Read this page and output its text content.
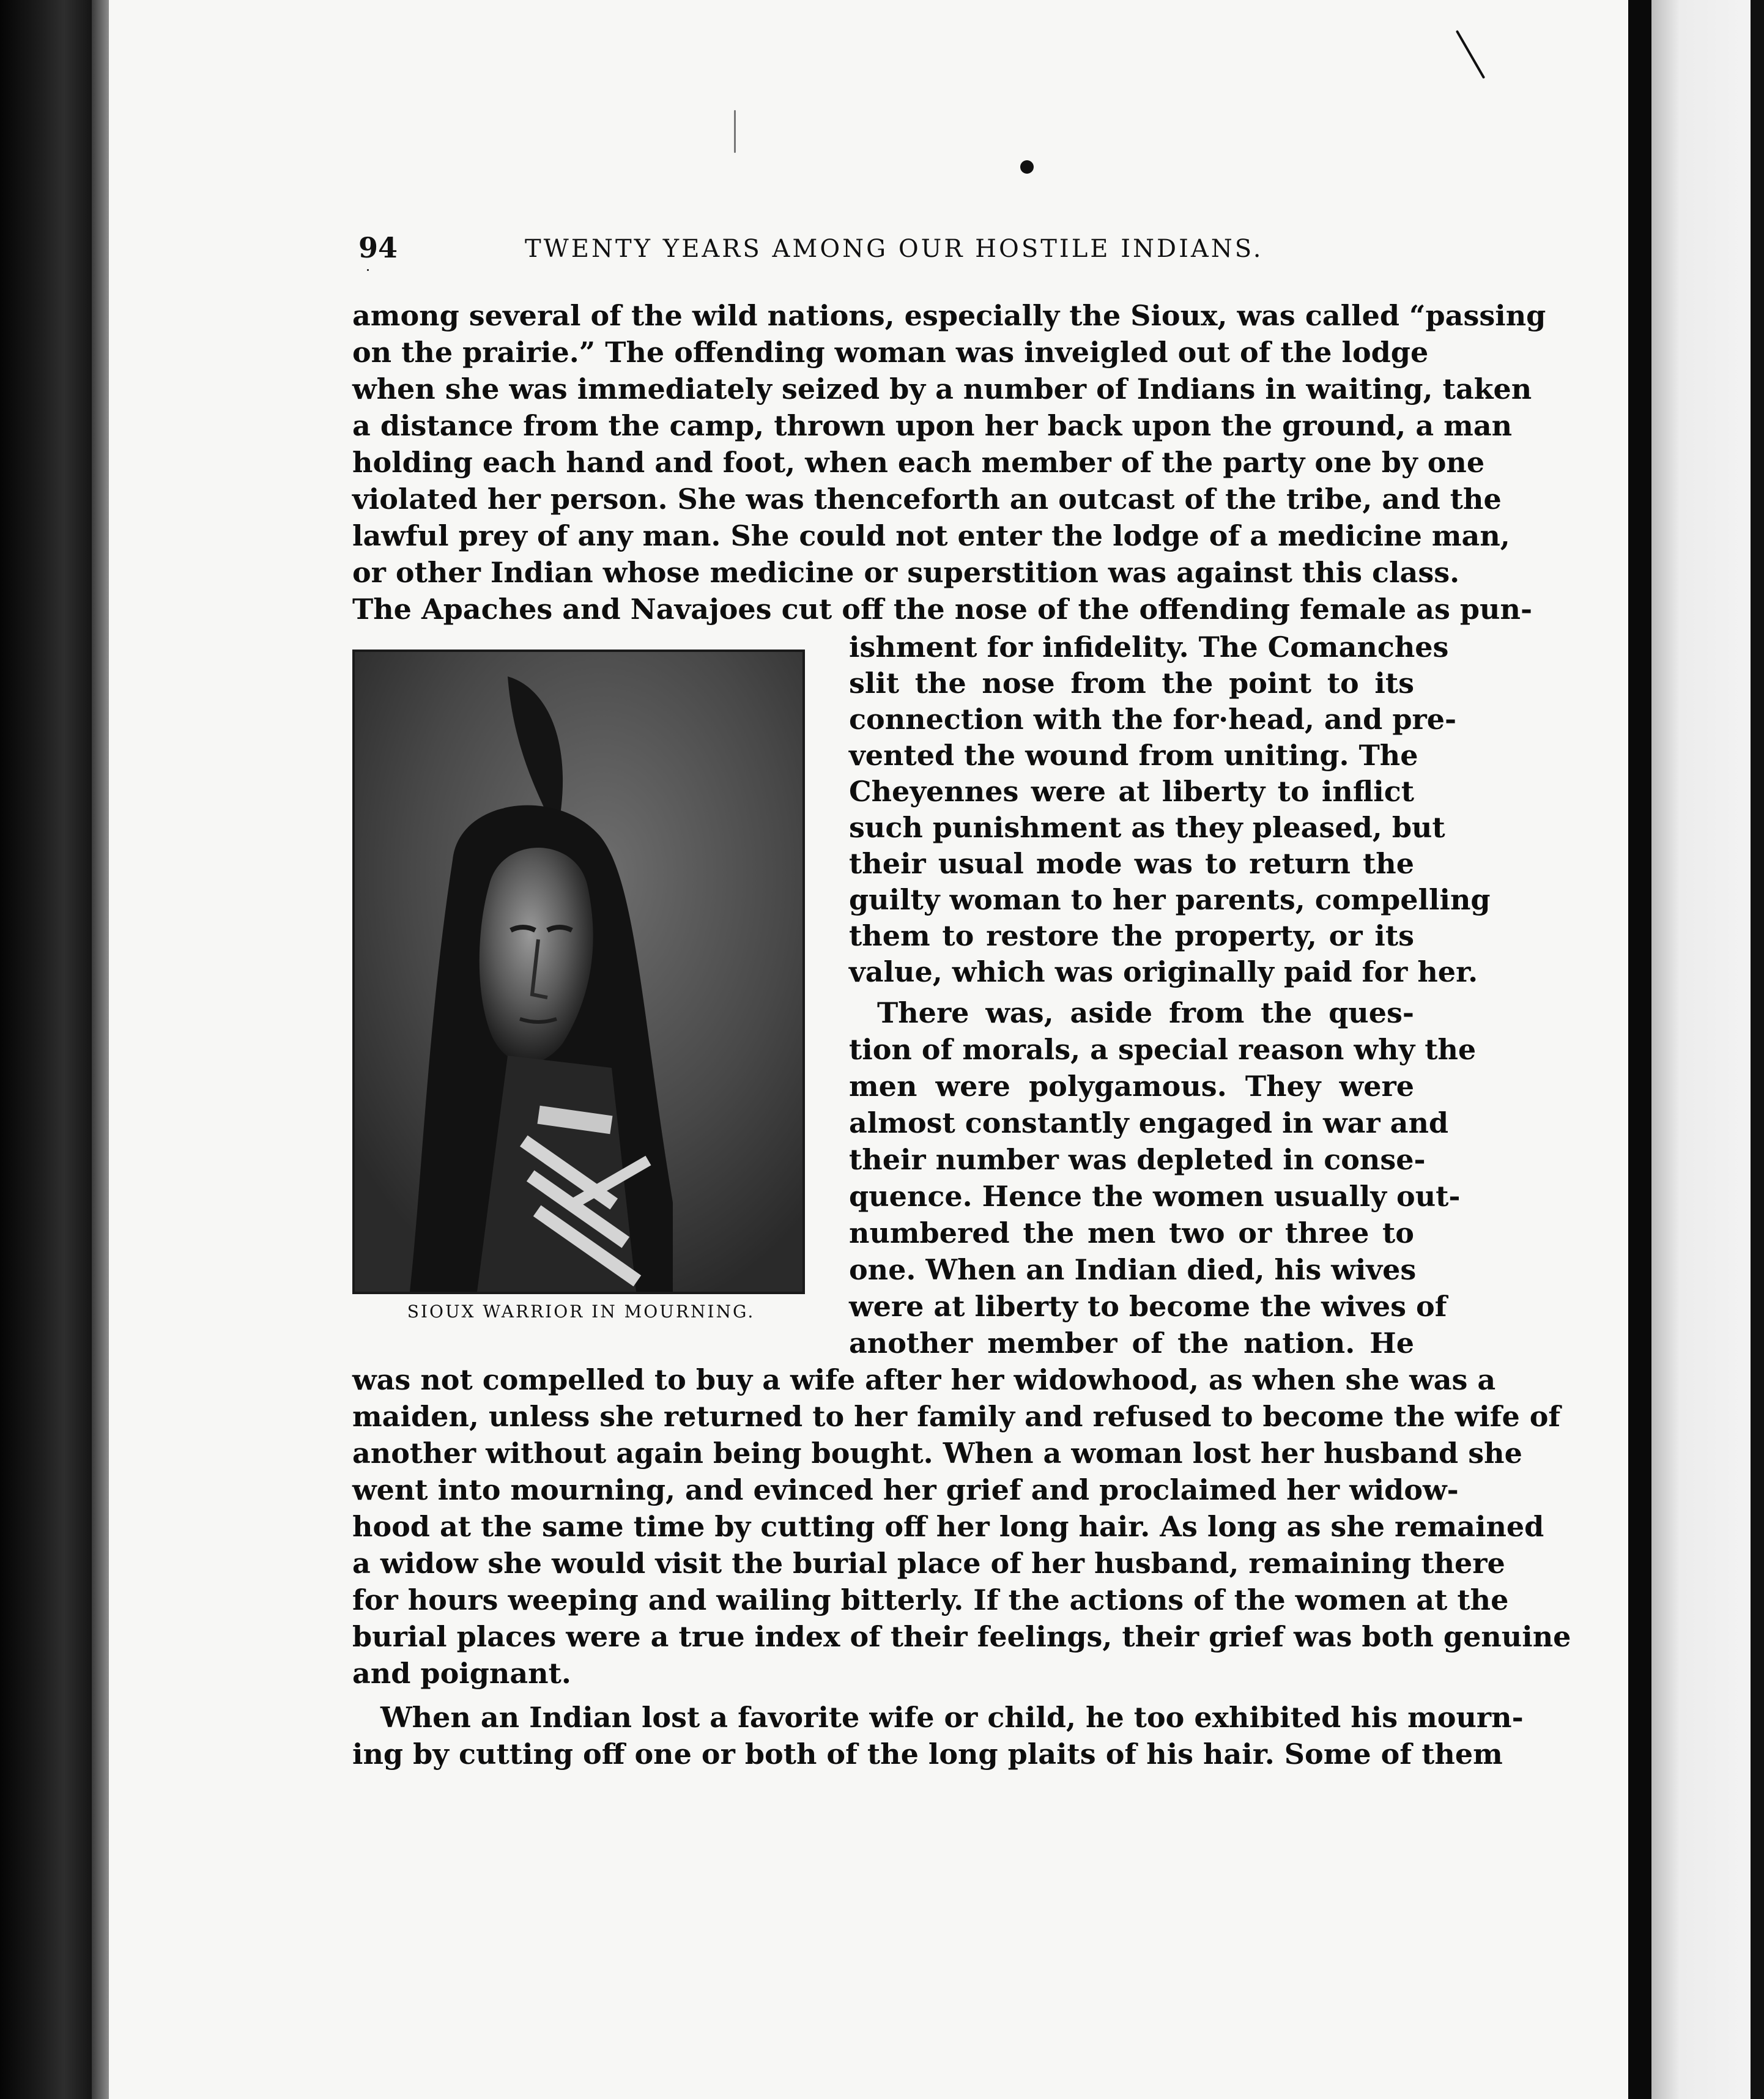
94	TWENTY YEARS AMONG OUR HOSTILE INDIANS.
among several of the wild nations, especially the Sioux, was called “passing
on the prairie.” The offending woman was inveigled out of the lodge
when she was immediately seized by a number of Indians in waiting, taken
a distance from the camp, thrown upon her back upon the ground, a man
holding each hand and foot, when each member of the party one by one
violated her person. She was thenceforth an outcast of the tribe, and the
lawful prey of any man. She could not enter the lodge of a medicine man,
or other Indian whose medicine or superstition was against this class.
The Apaches and Navajoes cut off the nose of the offending female as pun-
ishment for infidelity. The Comanches
slit the nose from the point to its
connection with the for·head, and pre-
vented the wound from uniting. The
Cheyennes were at liberty to inflict
such punishment as they pleased, but
their usual mode was to return the
guilty woman to her parents, compelling
them to restore the property, or its
value, which was originally paid for her.
There was, aside from the ques-
tion of morals, a special reason why the
men were polygamous. They were
almost constantly engaged in war and
their number was depleted in conse-
quence. Hence the women usually out-
numbered the men two or three to
one. When an Indian died, his wives
were at liberty to become the wives of
another member of the nation. He
was not compelled to buy a wife after her widowhood, as when she was a
maiden, unless she returned to her family and refused to become the wife of
another without again being bought. When a woman lost her husband she
went into mourning, and evinced her grief and proclaimed her widow-
hood at the same time by cutting off her long hair. As long as she remained
a widow she would visit the burial place of her husband, remaining there
for hours weeping and wailing bitterly. If the actions of the women at the
burial places were a true index of their feelings, their grief was both genuine
and poignant.
When an Indian lost a favorite wife or child, he too exhibited his mourn-
ing by cutting off one or both of the long plaits of his hair. Some of them
SIOUX WARRIOR IN MOURNING.
